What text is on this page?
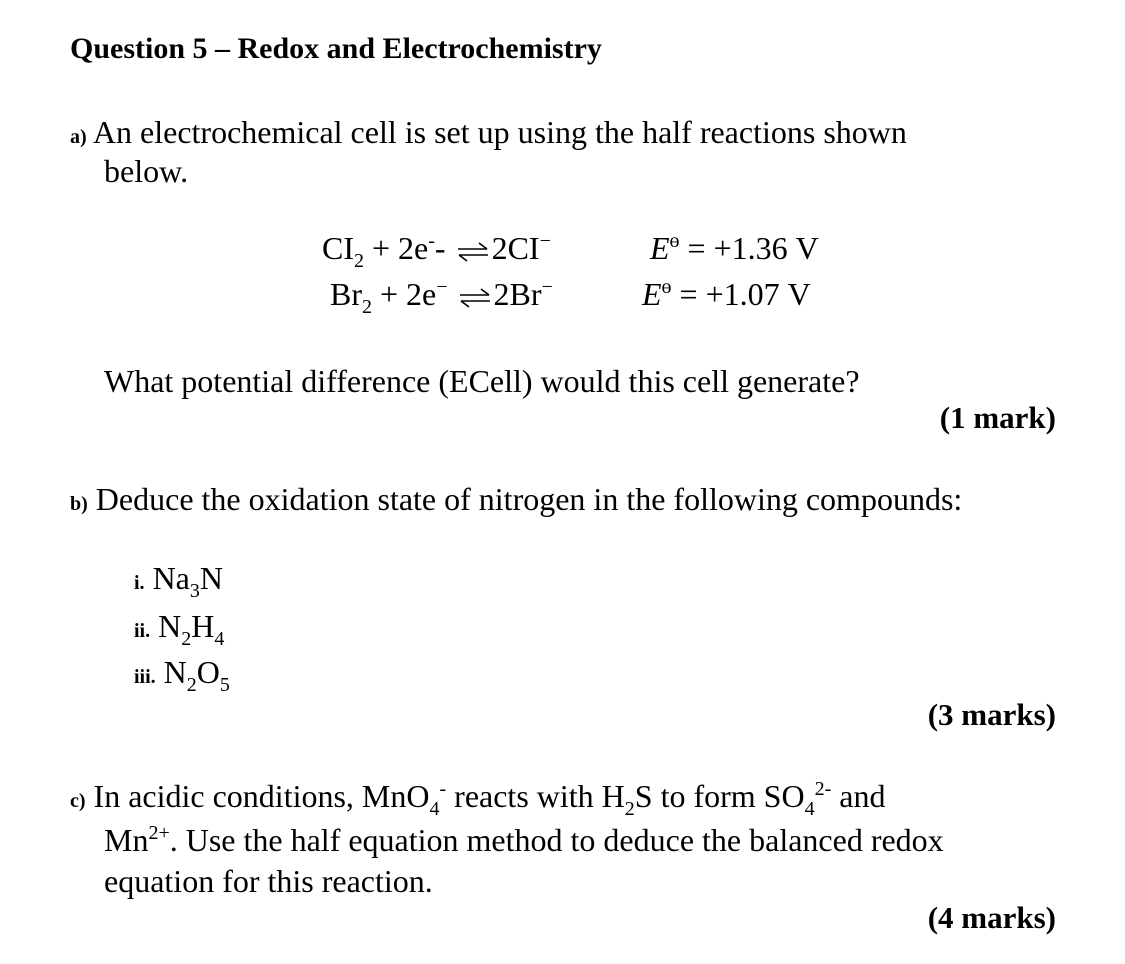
Question 5 – Redox and Electrochemistry
a) An electrochemical cell is set up using the half reactions shown
below.
$CI_2 + 2e^--$ ⇌ 2CI−	$E^ө = +1.36$ V
$Br_2 + 2e^-$ ⇌ 2Br−	$E^ө = +1.07$ V
What potential difference (ECell) would this cell generate?
(1 mark)
b) Deduce the oxidation state of nitrogen in the following compounds:
i. $Na_3N$
ii. $N_2H_4$
iii. $N_2O_5$
(3 marks)
c) In acidic conditions, MnO$_4$- reacts with $H_2S$ to form $SO_4^{2-}$ and
$Mn^{2+}$. Use the half equation method to deduce the balanced redox
equation for this reaction.
(4 marks)
